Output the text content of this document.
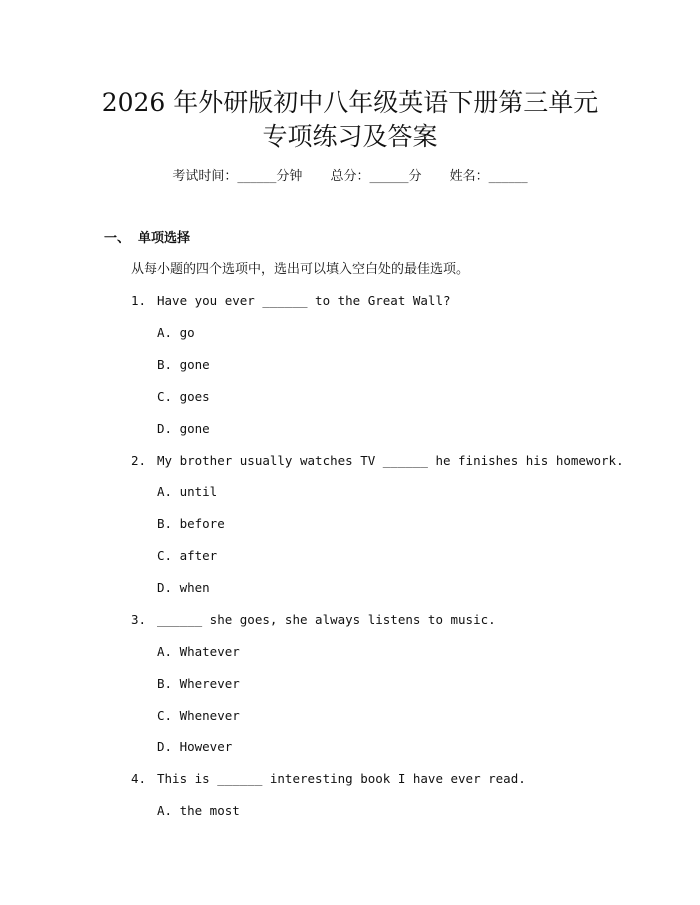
2026 年外研版初中八年级英语下册第三单元
专项练习及答案
考试时间：______分钟 总分：______分 姓名：______
一、 单项选择
从每小题的四个选项中，选出可以填入空白处的最佳选项。
1. Have you ever ______ to the Great Wall?
A. go
B. gone
C. goes
D. gone
2. My brother usually watches TV ______ he finishes his homework.
A. until
B. before
C. after
D. when
3. ______ she goes, she always listens to music.
A. Whatever
B. Wherever
C. Whenever
D. However
4. This is ______ interesting book I have ever read.
A. the most
